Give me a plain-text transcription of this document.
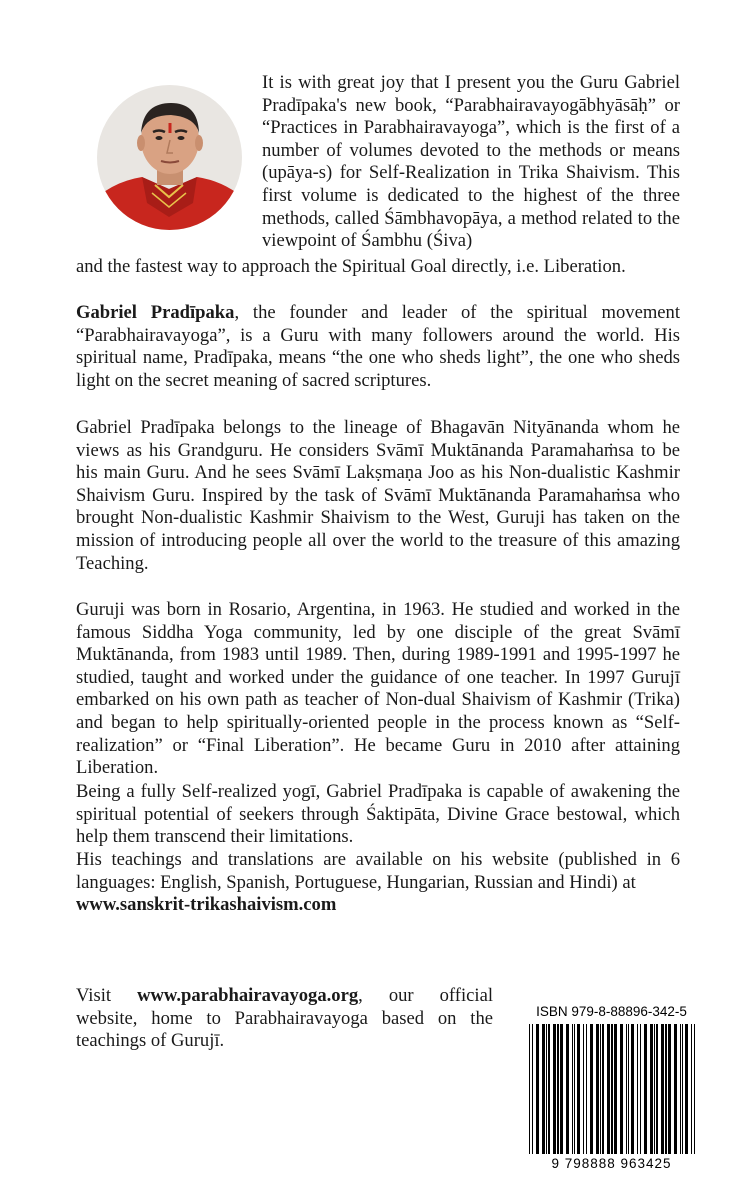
It is with great joy that I present you the Guru Gabriel Pradīpaka's new book, “Parabhairavayogābhyāsāḥ” or “Practices in Parabhairavayoga”, which is the first of a number of volumes devoted to the methods or means (upāya-s) for Self-Realization in Trika Shaivism. This first volume is dedicated to the highest of the three methods, called Śāmbhavopāya, a method related to the viewpoint of Śambhu (Śiva)
and the fastest way to approach the Spiritual Goal directly, i.e. Liberation.
Gabriel Pradīpaka, the founder and leader of the spiritual movement “Parabhairavayoga”, is a Guru with many followers around the world. His spiritual name, Pradīpaka, means “the one who sheds light”, the one who sheds light on the secret meaning of sacred scriptures.
Gabriel Pradīpaka belongs to the lineage of Bhagavān Nityānanda whom he views as his Grandguru. He considers Svāmī Muktānanda Paramahaṁsa to be his main Guru. And he sees Svāmī Lakṣmaṇa Joo as his Non-dualistic Kashmir Shaivism Guru. Inspired by the task of Svāmī Muktānanda Paramahaṁsa who brought Non-dualistic Kashmir Shaivism to the West, Guruji has taken on the mission of introducing people all over the world to the treasure of this amazing Teaching.
Guruji was born in Rosario, Argentina, in 1963. He studied and worked in the famous Siddha Yoga community, led by one disciple of the great Svāmī Muktānanda, from 1983 until 1989. Then, during 1989-1991 and 1995-1997 he studied, taught and worked under the guidance of one teacher. In 1997 Gurujī embarked on his own path as teacher of Non-dual Shaivism of Kashmir (Trika) and began to help spiritually-oriented people in the process known as “Self-realization” or “Final Liberation”. He became Guru in 2010 after attaining Liberation.
Being a fully Self-realized yogī, Gabriel Pradīpaka is capable of awakening the spiritual potential of seekers through Śaktipāta, Divine Grace bestowal, which help them transcend their limitations.
His teachings and translations are available on his website (published in 6 languages: English, Spanish, Portuguese, Hungarian, Russian and Hindi) at
www.sanskrit-trikashaivism.com
Visit www.parabhairavayoga.org, our official website, home to Parabhairavayoga based on the teachings of Gurujī.
ISBN 979-8-88896-342-5
9 798888 963425
